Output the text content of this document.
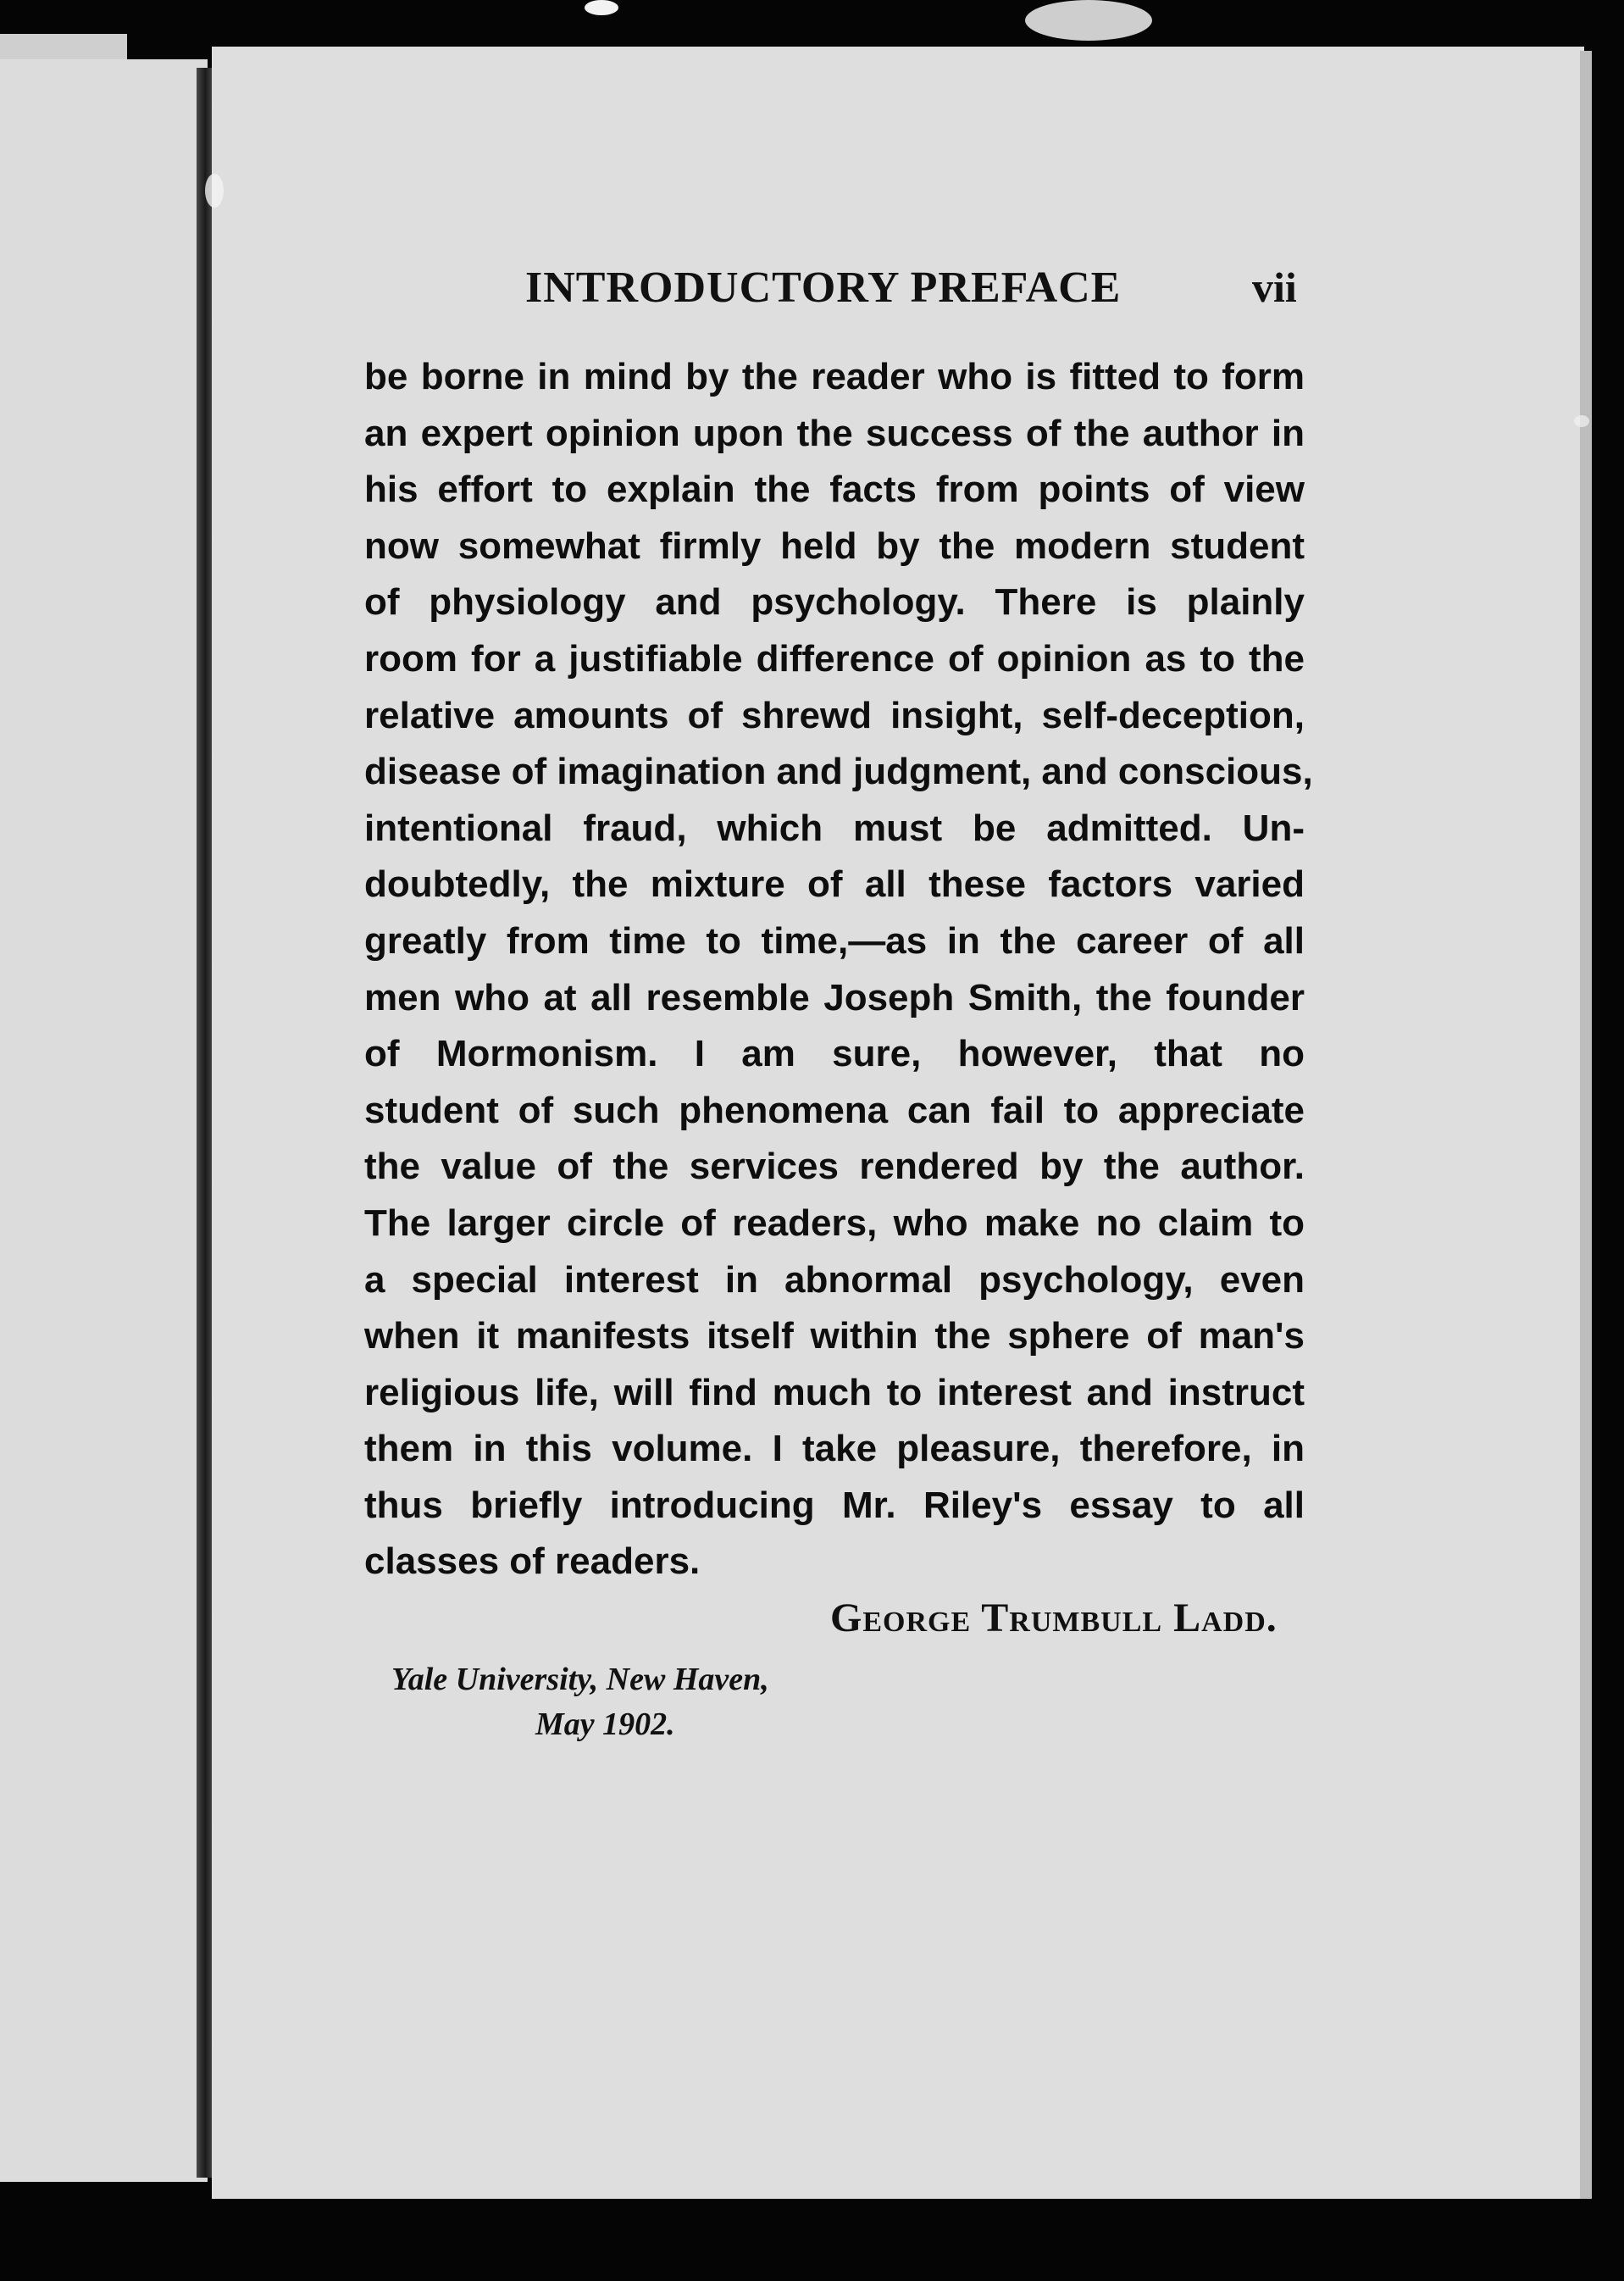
INTRODUCTORY PREFACE	vii
be borne in mind by the reader who is fitted to form
an expert opinion upon the success of the author in
his effort to explain the facts from points of view
now somewhat firmly held by the modern student
of physiology and psychology. There is plainly
room for a justifiable difference of opinion as to the
relative amounts of shrewd insight, self-deception,
disease of imagination and judgment, and conscious,
intentional fraud, which must be admitted. Un-
doubtedly, the mixture of all these factors varied
greatly from time to time,—as in the career of all
men who at all resemble Joseph Smith, the founder
of Mormonism. I am sure, however, that no
student of such phenomena can fail to appreciate
the value of the services rendered by the author.
The larger circle of readers, who make no claim to
a special interest in abnormal psychology, even
when it manifests itself within the sphere of man's
religious life, will find much to interest and instruct
them in this volume. I take pleasure, therefore, in
thus briefly introducing Mr. Riley's essay to all
classes of readers.
George Trumbull Ladd.
Yale University, New Haven,
May 1902.
